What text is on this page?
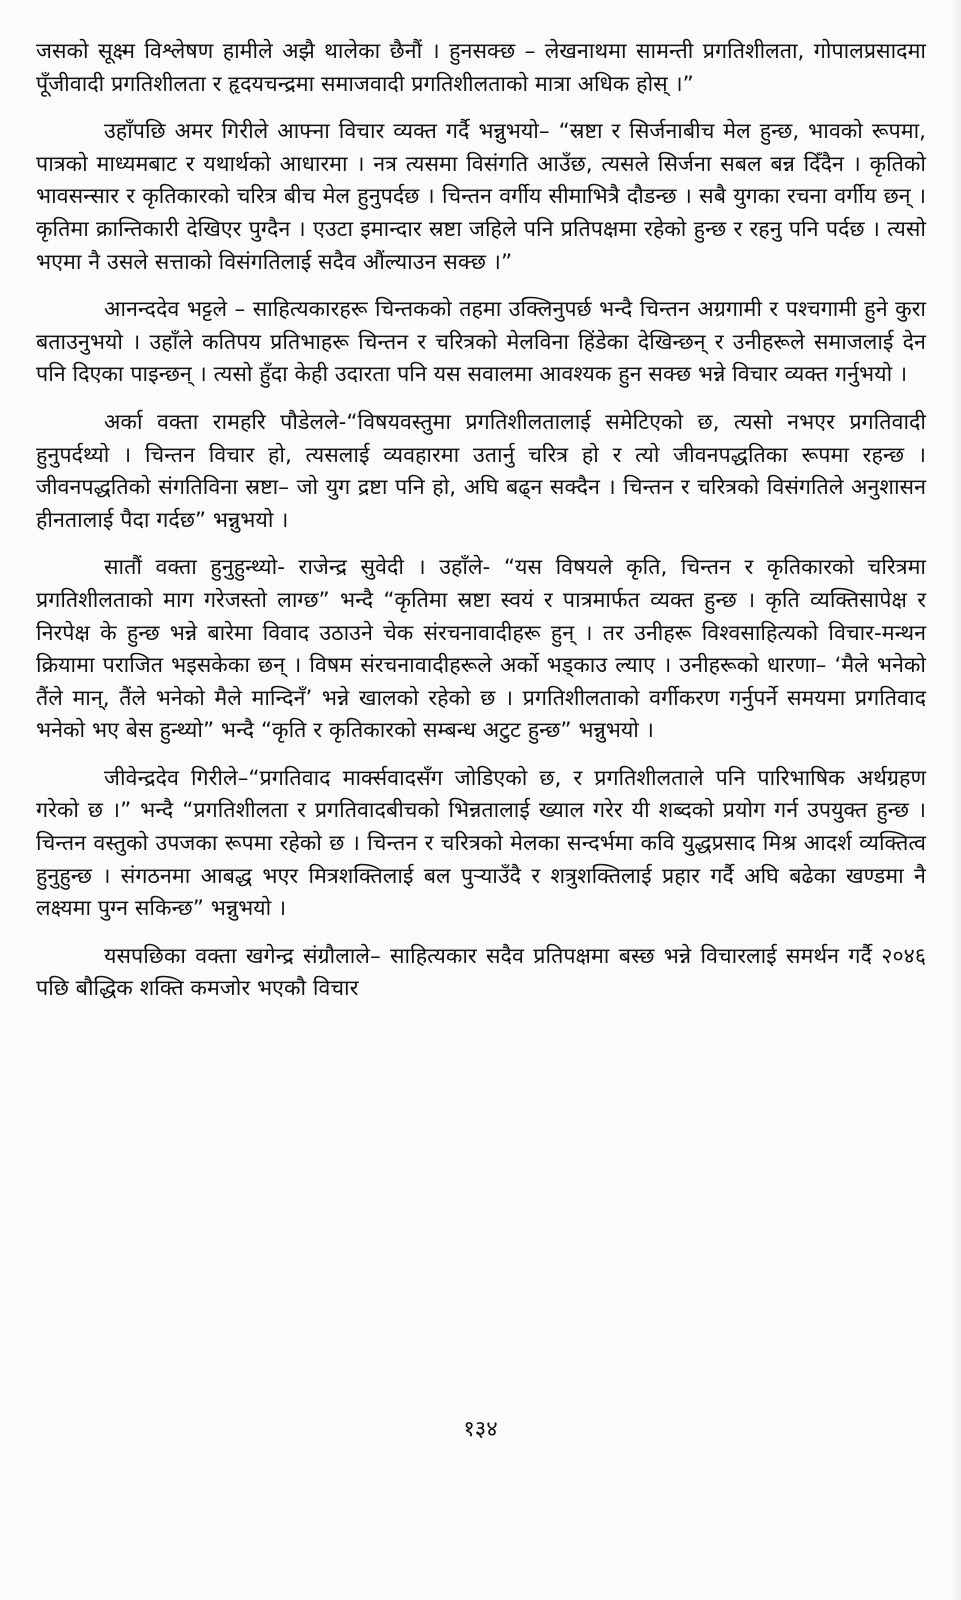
जसको सूक्ष्म विश्लेषण हामीले अझै थालेका छैनौं । हुनसक्छ – लेखनाथमा सामन्ती प्रगतिशीलता, गोपालप्रसादमा पूँजीवादी प्रगतिशीलता र हृदयचन्द्रमा समाजवादी प्रगतिशीलताको मात्रा अधिक होस् ।”

उहाँपछि अमर गिरीले आफ्ना विचार व्यक्त गर्दै भन्नुभयो– “स्रष्टा र सिर्जनाबीच मेल हुन्छ, भावको रूपमा, पात्रको माध्यमबाट र यथार्थको आधारमा । नत्र त्यसमा विसंगति आउँछ, त्यसले सिर्जना सबल बन्न दिँदैन । कृतिको भावसन्सार र कृतिकारको चरित्र बीच मेल हुनुपर्दछ । चिन्तन वर्गीय सीमाभित्रै दौडन्छ । सबै युगका रचना वर्गीय छन् । कृतिमा क्रान्तिकारी देखिएर पुग्दैन । एउटा इमान्दार स्रष्टा जहिले पनि प्रतिपक्षमा रहेको हुन्छ र रहनु पनि पर्दछ । त्यसो भएमा नै उसले सत्ताको विसंगतिलाई सदैव औंल्याउन सक्छ ।”

आनन्ददेव भट्टले – साहित्यकारहरू चिन्तकको तहमा उक्लिनुपर्छ भन्दै चिन्तन अग्रगामी र पश्चगामी हुने कुरा बताउनुभयो । उहाँले कतिपय प्रतिभाहरू चिन्तन र चरित्रको मेलविना हिंडेका देखिन्छन् र उनीहरूले समाजलाई देन पनि दिएका पाइन्छन् । त्यसो हुँदा केही उदारता पनि यस सवालमा आवश्यक हुन सक्छ भन्ने विचार व्यक्त गर्नुभयो ।

अर्का वक्ता रामहरि पौडेलले-“विषयवस्तुमा प्रगतिशीलतालाई समेटिएको छ, त्यसो नभएर प्रगतिवादी हुनुपर्दथ्यो । चिन्तन विचार हो, त्यसलाई व्यवहारमा उतार्नु चरित्र हो र त्यो जीवनपद्धतिका रूपमा रहन्छ । जीवनपद्धतिको संगतिविना स्रष्टा– जो युग द्रष्टा पनि हो, अघि बढ्न सक्दैन । चिन्तन र चरित्रको विसंगतिले अनुशासन हीनतालाई पैदा गर्दछ” भन्नुभयो ।

सातौं वक्ता हुनुहुन्थ्यो- राजेन्द्र सुवेदी । उहाँले- “यस विषयले कृति, चिन्तन र कृतिकारको चरित्रमा प्रगतिशीलताको माग गरेजस्तो लाग्छ” भन्दै “कृतिमा स्रष्टा स्वयं र पात्रमार्फत व्यक्त हुन्छ । कृति व्यक्तिसापेक्ष र निरपेक्ष के हुन्छ भन्ने बारेमा विवाद उठाउने चेक संरचनावादीहरू हुन् । तर उनीहरू विश्वसाहित्यको विचार-मन्थन क्रियामा पराजित भइसकेका छन् । विषम संरचनावादीहरूले अर्को भड्काउ ल्याए । उनीहरूको धारणा– ‘मैले भनेको तैंले मान्, तैंले भनेको मैले मान्दिनँ’ भन्ने खालको रहेको छ । प्रगतिशीलताको वर्गीकरण गर्नुपर्ने समयमा प्रगतिवाद भनेको भए बेस हुन्थ्यो” भन्दै “कृति र कृतिकारको सम्बन्ध अटुट हुन्छ” भन्नुभयो ।

जीवेन्द्रदेव गिरीले–“प्रगतिवाद मार्क्सवादसँग जोडिएको छ, र प्रगतिशीलताले पनि पारिभाषिक अर्थग्रहण गरेको छ ।” भन्दै “प्रगतिशीलता र प्रगतिवादबीचको भिन्नतालाई ख्याल गरेर यी शब्दको प्रयोग गर्न उपयुक्त हुन्छ । चिन्तन वस्तुको उपजका रूपमा रहेको छ । चिन्तन र चरित्रको मेलका सन्दर्भमा कवि युद्धप्रसाद मिश्र आदर्श व्यक्तित्व हुनुहुन्छ । संगठनमा आबद्ध भएर मित्रशक्तिलाई बल पुऱ्याउँदै र शत्रुशक्तिलाई प्रहार गर्दै अघि बढेका खण्डमा नै लक्ष्यमा पुग्न सकिन्छ” भन्नुभयो ।

यसपछिका वक्ता खगेन्द्र संग्रौलाले– साहित्यकार सदैव प्रतिपक्षमा बस्छ भन्ने विचारलाई समर्थन गर्दै २०४६ पछि बौद्धिक शक्ति कमजोर भएकौ विचार

१३४
